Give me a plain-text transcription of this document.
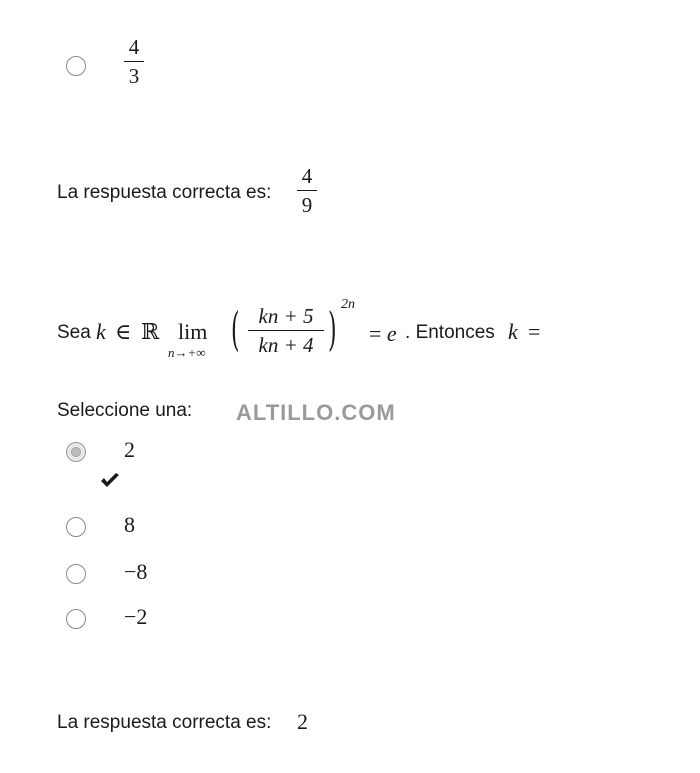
4
3
La respuesta correcta es:
4
9
Sea k ∈ ℝ lim
n→+∞ ( kn + 5
kn + 4 )
2n
= e . Entonces k =
Seleccione una: ALTILLO.COM
2
8
−8
−2
La respuesta correcta es: 2
